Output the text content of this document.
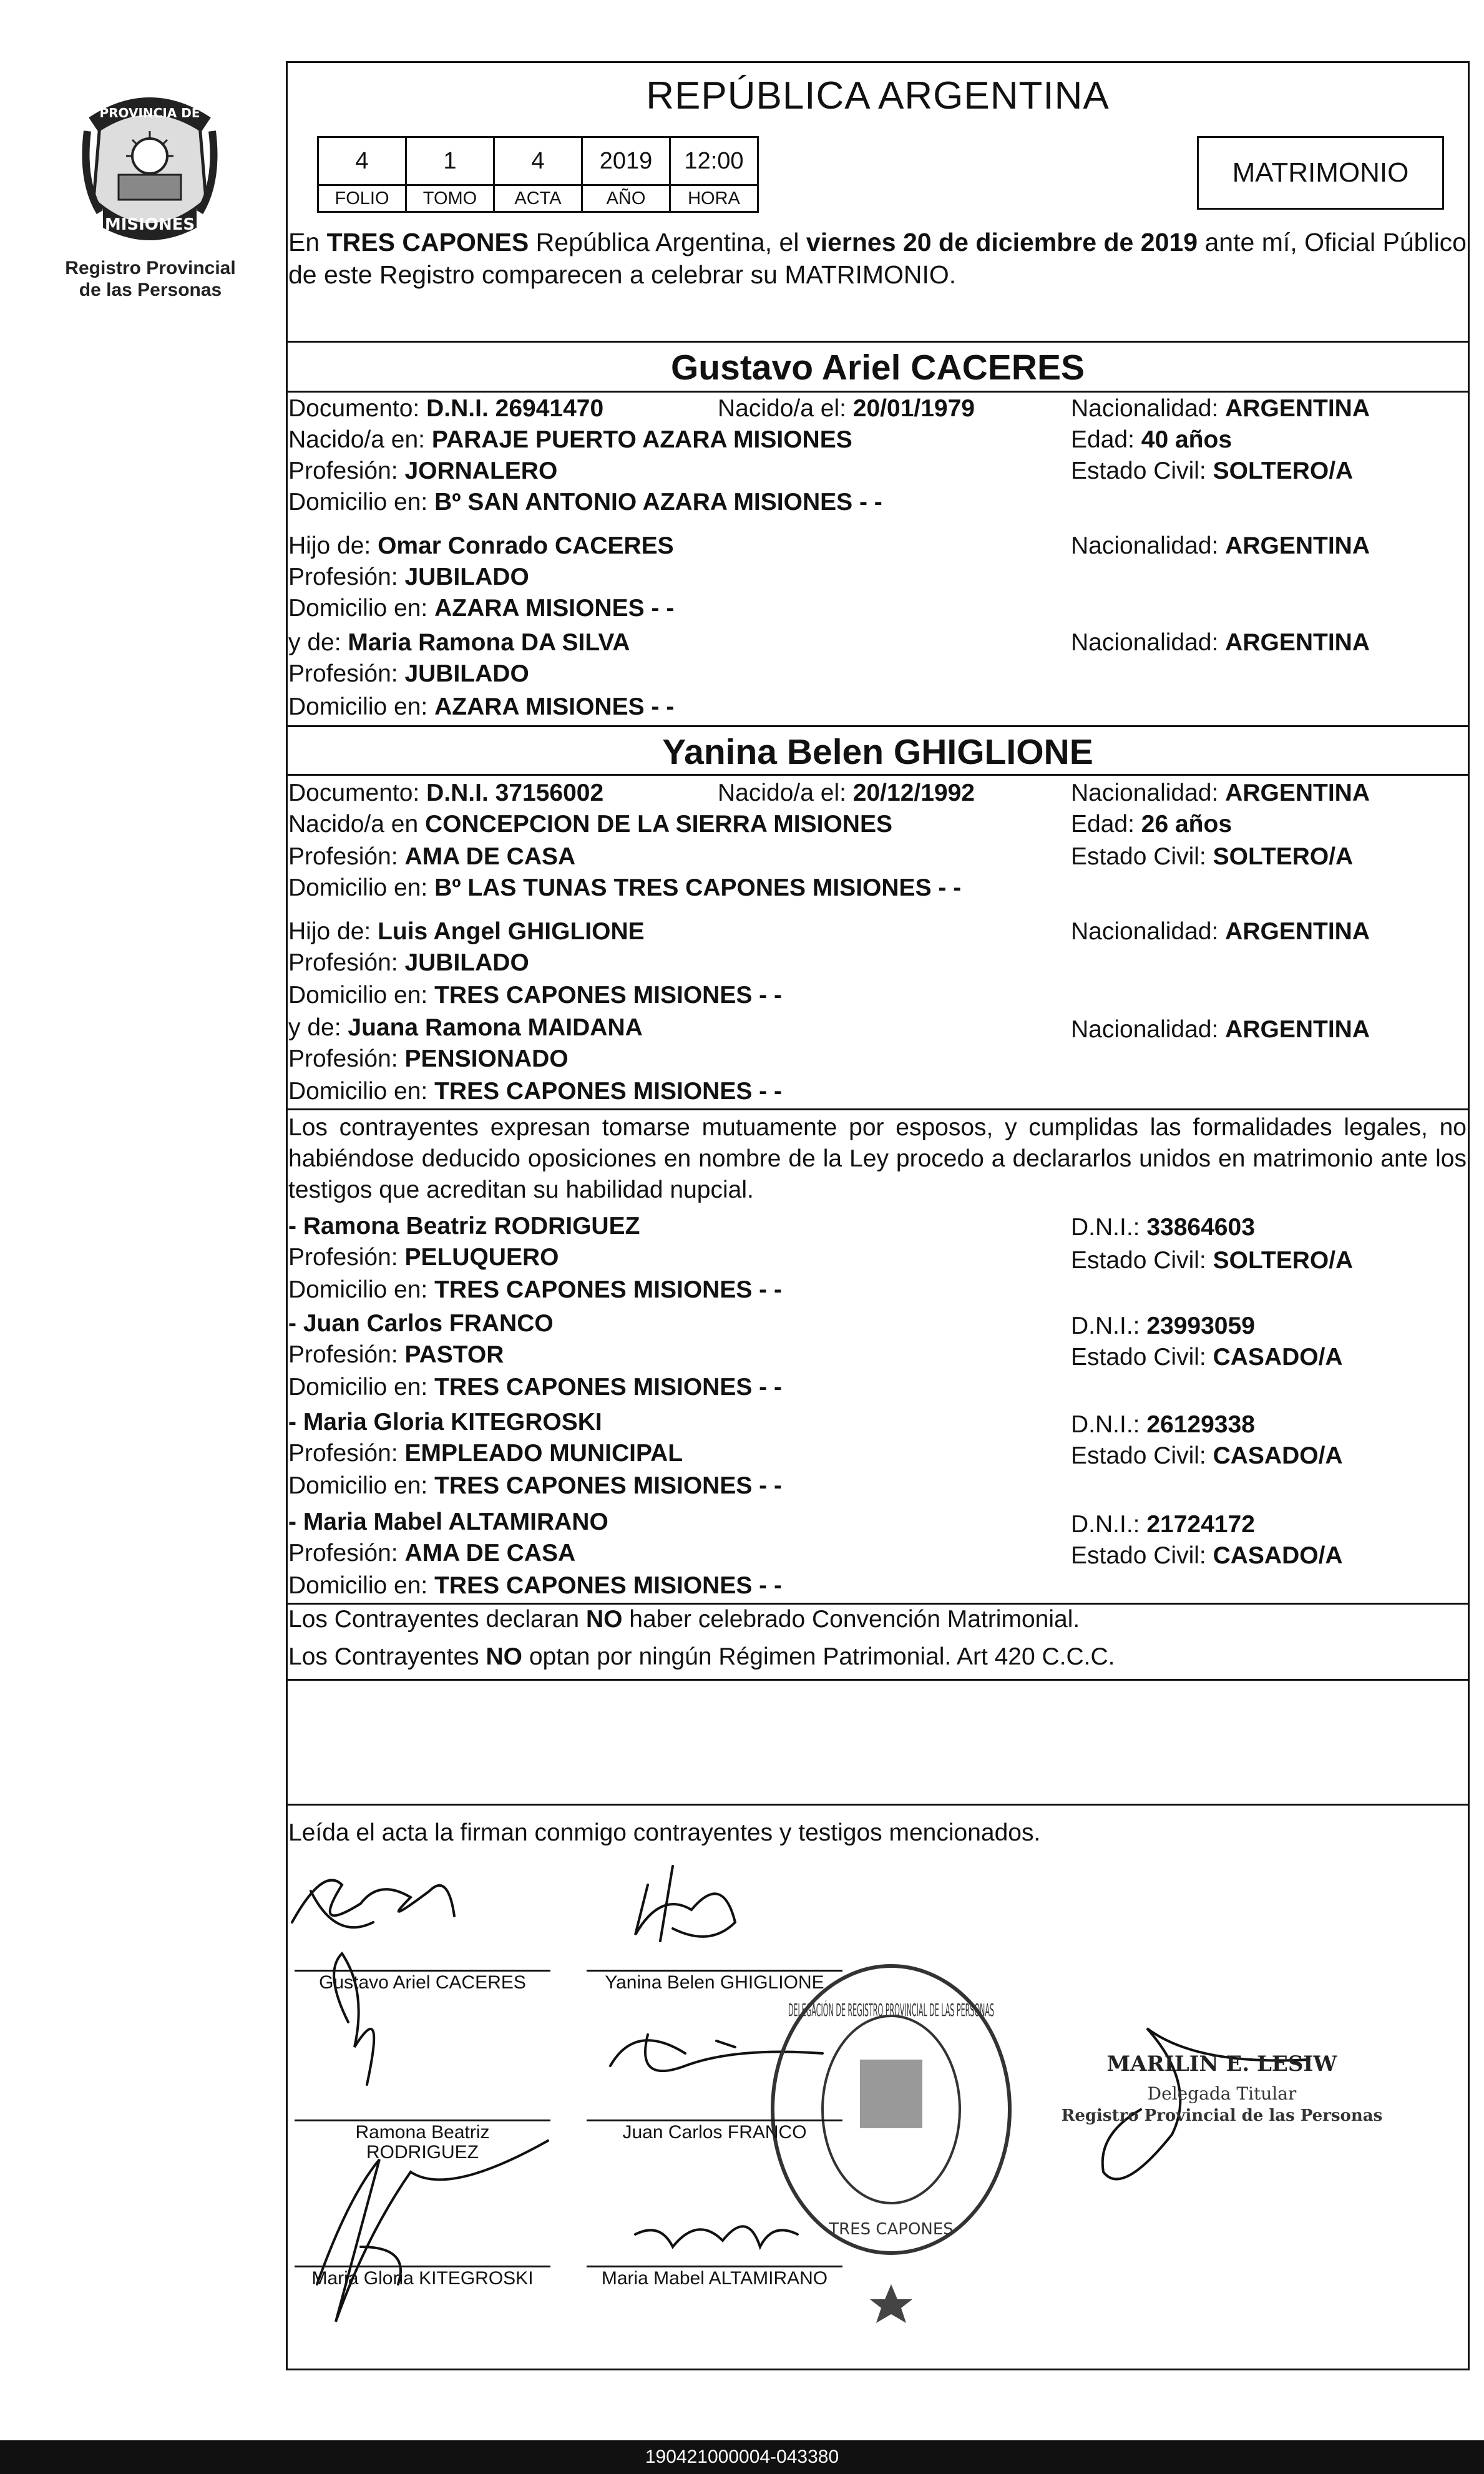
PROVINCIA DE
MISIONES
Registro Provincial
de las Personas
REPÚBLICA ARGENTINA
4	1	4	2019	12:00
FOLIO	TOMO	ACTA	AÑO	HORA
MATRIMONIO
En TRES CAPONES República Argentina, el viernes 20 de diciembre de 2019 ante mí, Oficial Público de este Registro comparecen a celebrar su MATRIMONIO.
Gustavo Ariel CACERES
Documento: D.N.I. 26941470	Nacido/a el: 20/01/1979	Nacionalidad: ARGENTINA
Nacido/a en: PARAJE PUERTO AZARA MISIONES	Edad: 40 años
Profesión: JORNALERO	Estado Civil: SOLTERO/A
Domicilio en: Bº SAN ANTONIO AZARA MISIONES - -
Hijo de: Omar Conrado CACERES	Nacionalidad: ARGENTINA
Profesión: JUBILADO
Domicilio en: AZARA MISIONES - -
y de: Maria Ramona DA SILVA	Nacionalidad: ARGENTINA
Profesión: JUBILADO
Domicilio en: AZARA MISIONES - -
Yanina Belen GHIGLIONE
Documento: D.N.I. 37156002	Nacido/a el: 20/12/1992	Nacionalidad: ARGENTINA
Nacido/a en CONCEPCION DE LA SIERRA MISIONES	Edad: 26 años
Profesión: AMA DE CASA	Estado Civil: SOLTERO/A
Domicilio en: Bº LAS TUNAS TRES CAPONES MISIONES - -
Hijo de: Luis Angel GHIGLIONE	Nacionalidad: ARGENTINA
Profesión: JUBILADO
Domicilio en: TRES CAPONES MISIONES - -
y de: Juana Ramona MAIDANA	Nacionalidad: ARGENTINA
Profesión: PENSIONADO
Domicilio en: TRES CAPONES MISIONES - -
Los contrayentes expresan tomarse mutuamente por esposos, y cumplidas las formalidades legales, no habiéndose deducido oposiciones en nombre de la Ley procedo a declararlos unidos en matrimonio ante los testigos que acreditan su habilidad nupcial.
- Ramona Beatriz RODRIGUEZ	D.N.I.: 33864603
Profesión: PELUQUERO	Estado Civil: SOLTERO/A
Domicilio en: TRES CAPONES MISIONES - -
- Juan Carlos FRANCO	D.N.I.: 23993059
Profesión: PASTOR	Estado Civil: CASADO/A
Domicilio en: TRES CAPONES MISIONES - -
- Maria Gloria KITEGROSKI	D.N.I.: 26129338
Profesión: EMPLEADO MUNICIPAL	Estado Civil: CASADO/A
Domicilio en: TRES CAPONES MISIONES - -
- Maria Mabel ALTAMIRANO	D.N.I.: 21724172
Profesión: AMA DE CASA	Estado Civil: CASADO/A
Domicilio en: TRES CAPONES MISIONES - -
Los Contrayentes declaran NO haber celebrado Convención Matrimonial.
Los Contrayentes NO optan por ningún Régimen Patrimonial. Art 420 C.C.C.
Leída el acta la firman conmigo contrayentes y testigos mencionados.
DELEGACIÓN DE REGISTRO PROVINCIAL DE LAS PERSONAS
TRES CAPONES
MARILIN E. LESIW
Delegada Titular
Registro Provincial de las Personas
Gustavo Ariel CACERES	Yanina Belen GHIGLIONE
Ramona Beatriz
RODRIGUEZ
Juan Carlos FRANCO
Maria Gloria KITEGROSKI	Maria Mabel ALTAMIRANO
190421000004-043380
